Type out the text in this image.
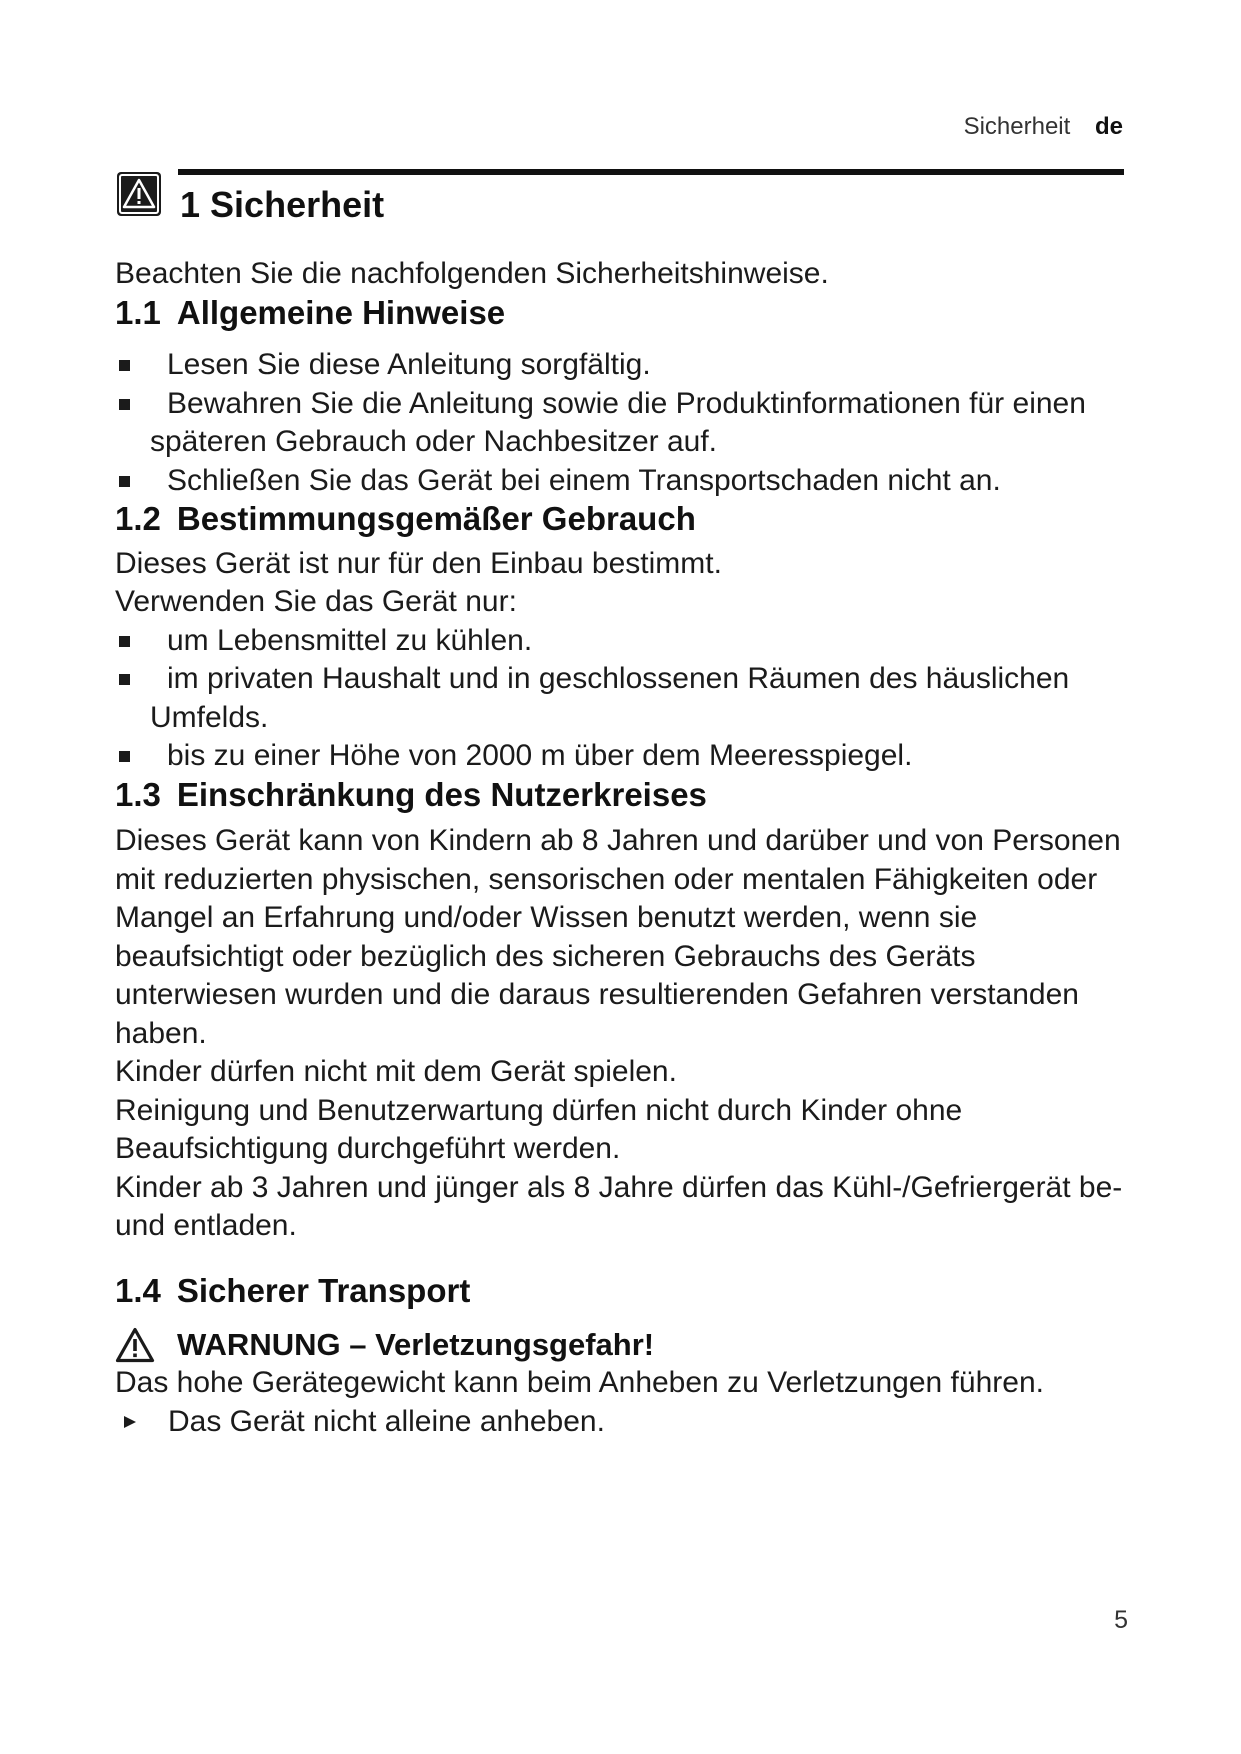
Sicherheit de
1 Sicherheit

Beachten Sie die nachfolgenden Sicherheitshinweise.

1.1 Allgemeine Hinweise
Lesen Sie diese Anleitung sorgfältig.
Bewahren Sie die Anleitung sowie die Produktinformationen für einen späteren Gebrauch oder Nachbesitzer auf.
Schließen Sie das Gerät bei einem Transportschaden nicht an.
1.2 Bestimmungsgemäßer Gebrauch

Dieses Gerät ist nur für den Einbau bestimmt.

Verwenden Sie das Gerät nur:

um Lebensmittel zu kühlen.
im privaten Haushalt und in geschlossenen Räumen des häuslichen Umfelds.
bis zu einer Höhe von 2000 m über dem Meeresspiegel.
1.3 Einschränkung des Nutzerkreises

Dieses Gerät kann von Kindern ab 8 Jahren und darüber und von Personen mit reduzierten physischen, sensorischen oder mentalen Fähigkeiten oder Mangel an Erfahrung und/oder Wissen benutzt werden, wenn sie beaufsichtigt oder bezüglich des sicheren Gebrauchs des Geräts unterwiesen wurden und die daraus resultierenden Gefahren verstanden haben.

Kinder dürfen nicht mit dem Gerät spielen.

Reinigung und Benutzerwartung dürfen nicht durch Kinder ohne Beaufsichtigung durchgeführt werden.

Kinder ab 3 Jahren und jünger als 8 Jahre dürfen das Kühl-/Gefriergerät be- und entladen.

1.4 Sicherer Transport
WARNUNG – Verletzungsgefahr!

Das hohe Gerätegewicht kann beim Anheben zu Verletzungen führen.

Das Gerät nicht alleine anheben.

5
